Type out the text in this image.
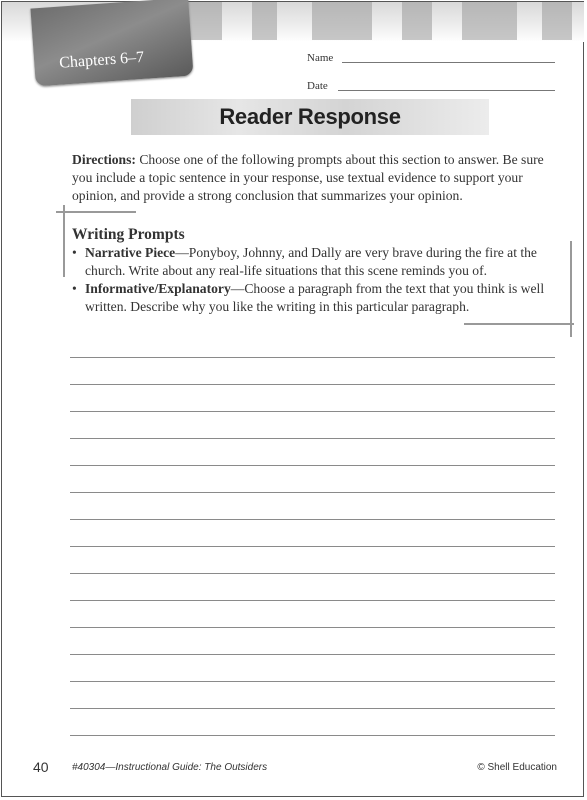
Chapters 6–7	Name
Date
Reader Response

Directions: Choose one of the following prompts about this section to answer. Be sure you include a topic sentence in your response, use textual evidence to support your opinion, and provide a strong conclusion that summarizes your opinion.

Writing Prompts
• Narrative Piece—Ponyboy, Johnny, and Dally are very brave during the fire at the church. Write about any real-life situations that this scene reminds you of.
• Informative/Explanatory—Choose a paragraph from the text that you think is well written. Describe why you like the writing in this particular paragraph.
40 #40304—Instructional Guide: The Outsiders	© Shell Education
